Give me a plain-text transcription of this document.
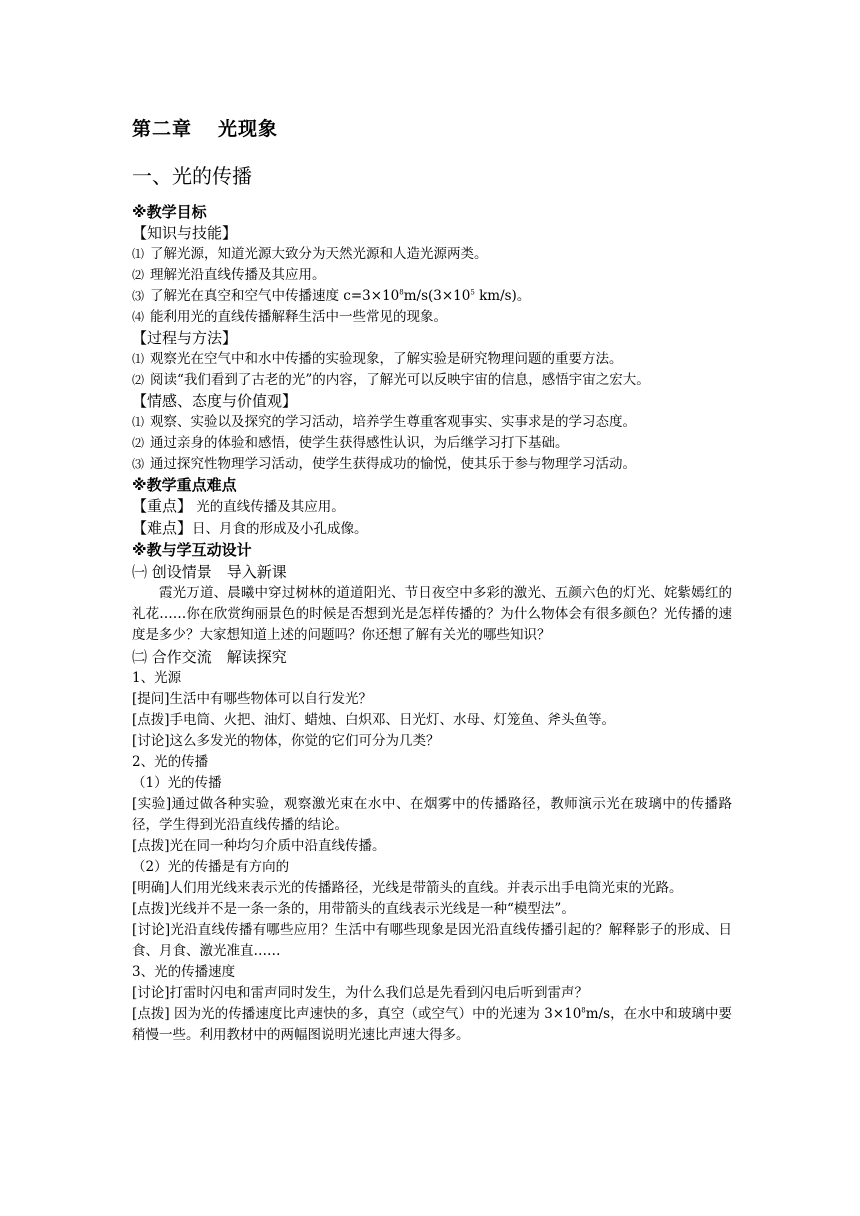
第二章 光现象
一、光的传播
※教学目标
【知识与技能】
⑴ 了解光源，知道光源大致分为天然光源和人造光源两类。
⑵ 理解光沿直线传播及其应用。
⑶ 了解光在真空和空气中传播速度 $c=3\times 10^8m/s(3\times 10^5$ km/s)。
⑷ 能利用光的直线传播解释生活中一些常见的现象。
【过程与方法】
⑴ 观察光在空气中和水中传播的实验现象，了解实验是研究物理问题的重要方法。
⑵ 阅读“我们看到了古老的光”的内容，了解光可以反映宇宙的信息，感悟宇宙之宏大。
【情感、态度与价值观】
⑴ 观察、实验以及探究的学习活动，培养学生尊重客观事实、实事求是的学习态度。
⑵ 通过亲身的体验和感悟，使学生获得感性认识，为后继学习打下基础。
⑶ 通过探究性物理学习活动，使学生获得成功的愉悦，使其乐于参与物理学习活动。
※教学重点难点
【重点】 光的直线传播及其应用。
【难点】日、月食的形成及小孔成像。
※教与学互动设计
㈠ 创设情景　导入新课
霞光万道、晨曦中穿过树林的道道阳光、节日夜空中多彩的激光、五颜六色的灯光、姹紫嫣红的礼花……你在欣赏绚丽景色的时候是否想到光是怎样传播的？为什么物体会有很多颜色？光传播的速度是多少？大家想知道上述的问题吗？你还想了解有关光的哪些知识？
㈡ 合作交流　解读探究
1、光源
[提问]生活中有哪些物体可以自行发光？
[点拨]手电筒、火把、油灯、蜡烛、白炽邓、日光灯、水母、灯笼鱼、斧头鱼等。
[讨论]这么多发光的物体，你觉的它们可分为几类？
2、光的传播
（1）光的传播
[实验]通过做各种实验，观察激光束在水中、在烟雾中的传播路径，教师演示光在玻璃中的传播路径，学生得到光沿直线传播的结论。
[点拨]光在同一种均匀介质中沿直线传播。
（2）光的传播是有方向的
[明确]人们用光线来表示光的传播路径，光线是带箭头的直线。并表示出手电筒光束的光路。
[点拨]光线并不是一条一条的，用带箭头的直线表示光线是一种“模型法”。
[讨论]光沿直线传播有哪些应用？生活中有哪些现象是因光沿直线传播引起的？解释影子的形成、日食、月食、激光准直……
3、光的传播速度
[讨论]打雷时闪电和雷声同时发生，为什么我们总是先看到闪电后听到雷声？
[点拨] 因为光的传播速度比声速快的多，真空（或空气）中的光速为 $3\times 10^8m/s$，在水中和玻璃中要稍慢一些。利用教材中的两幅图说明光速比声速大得多。
